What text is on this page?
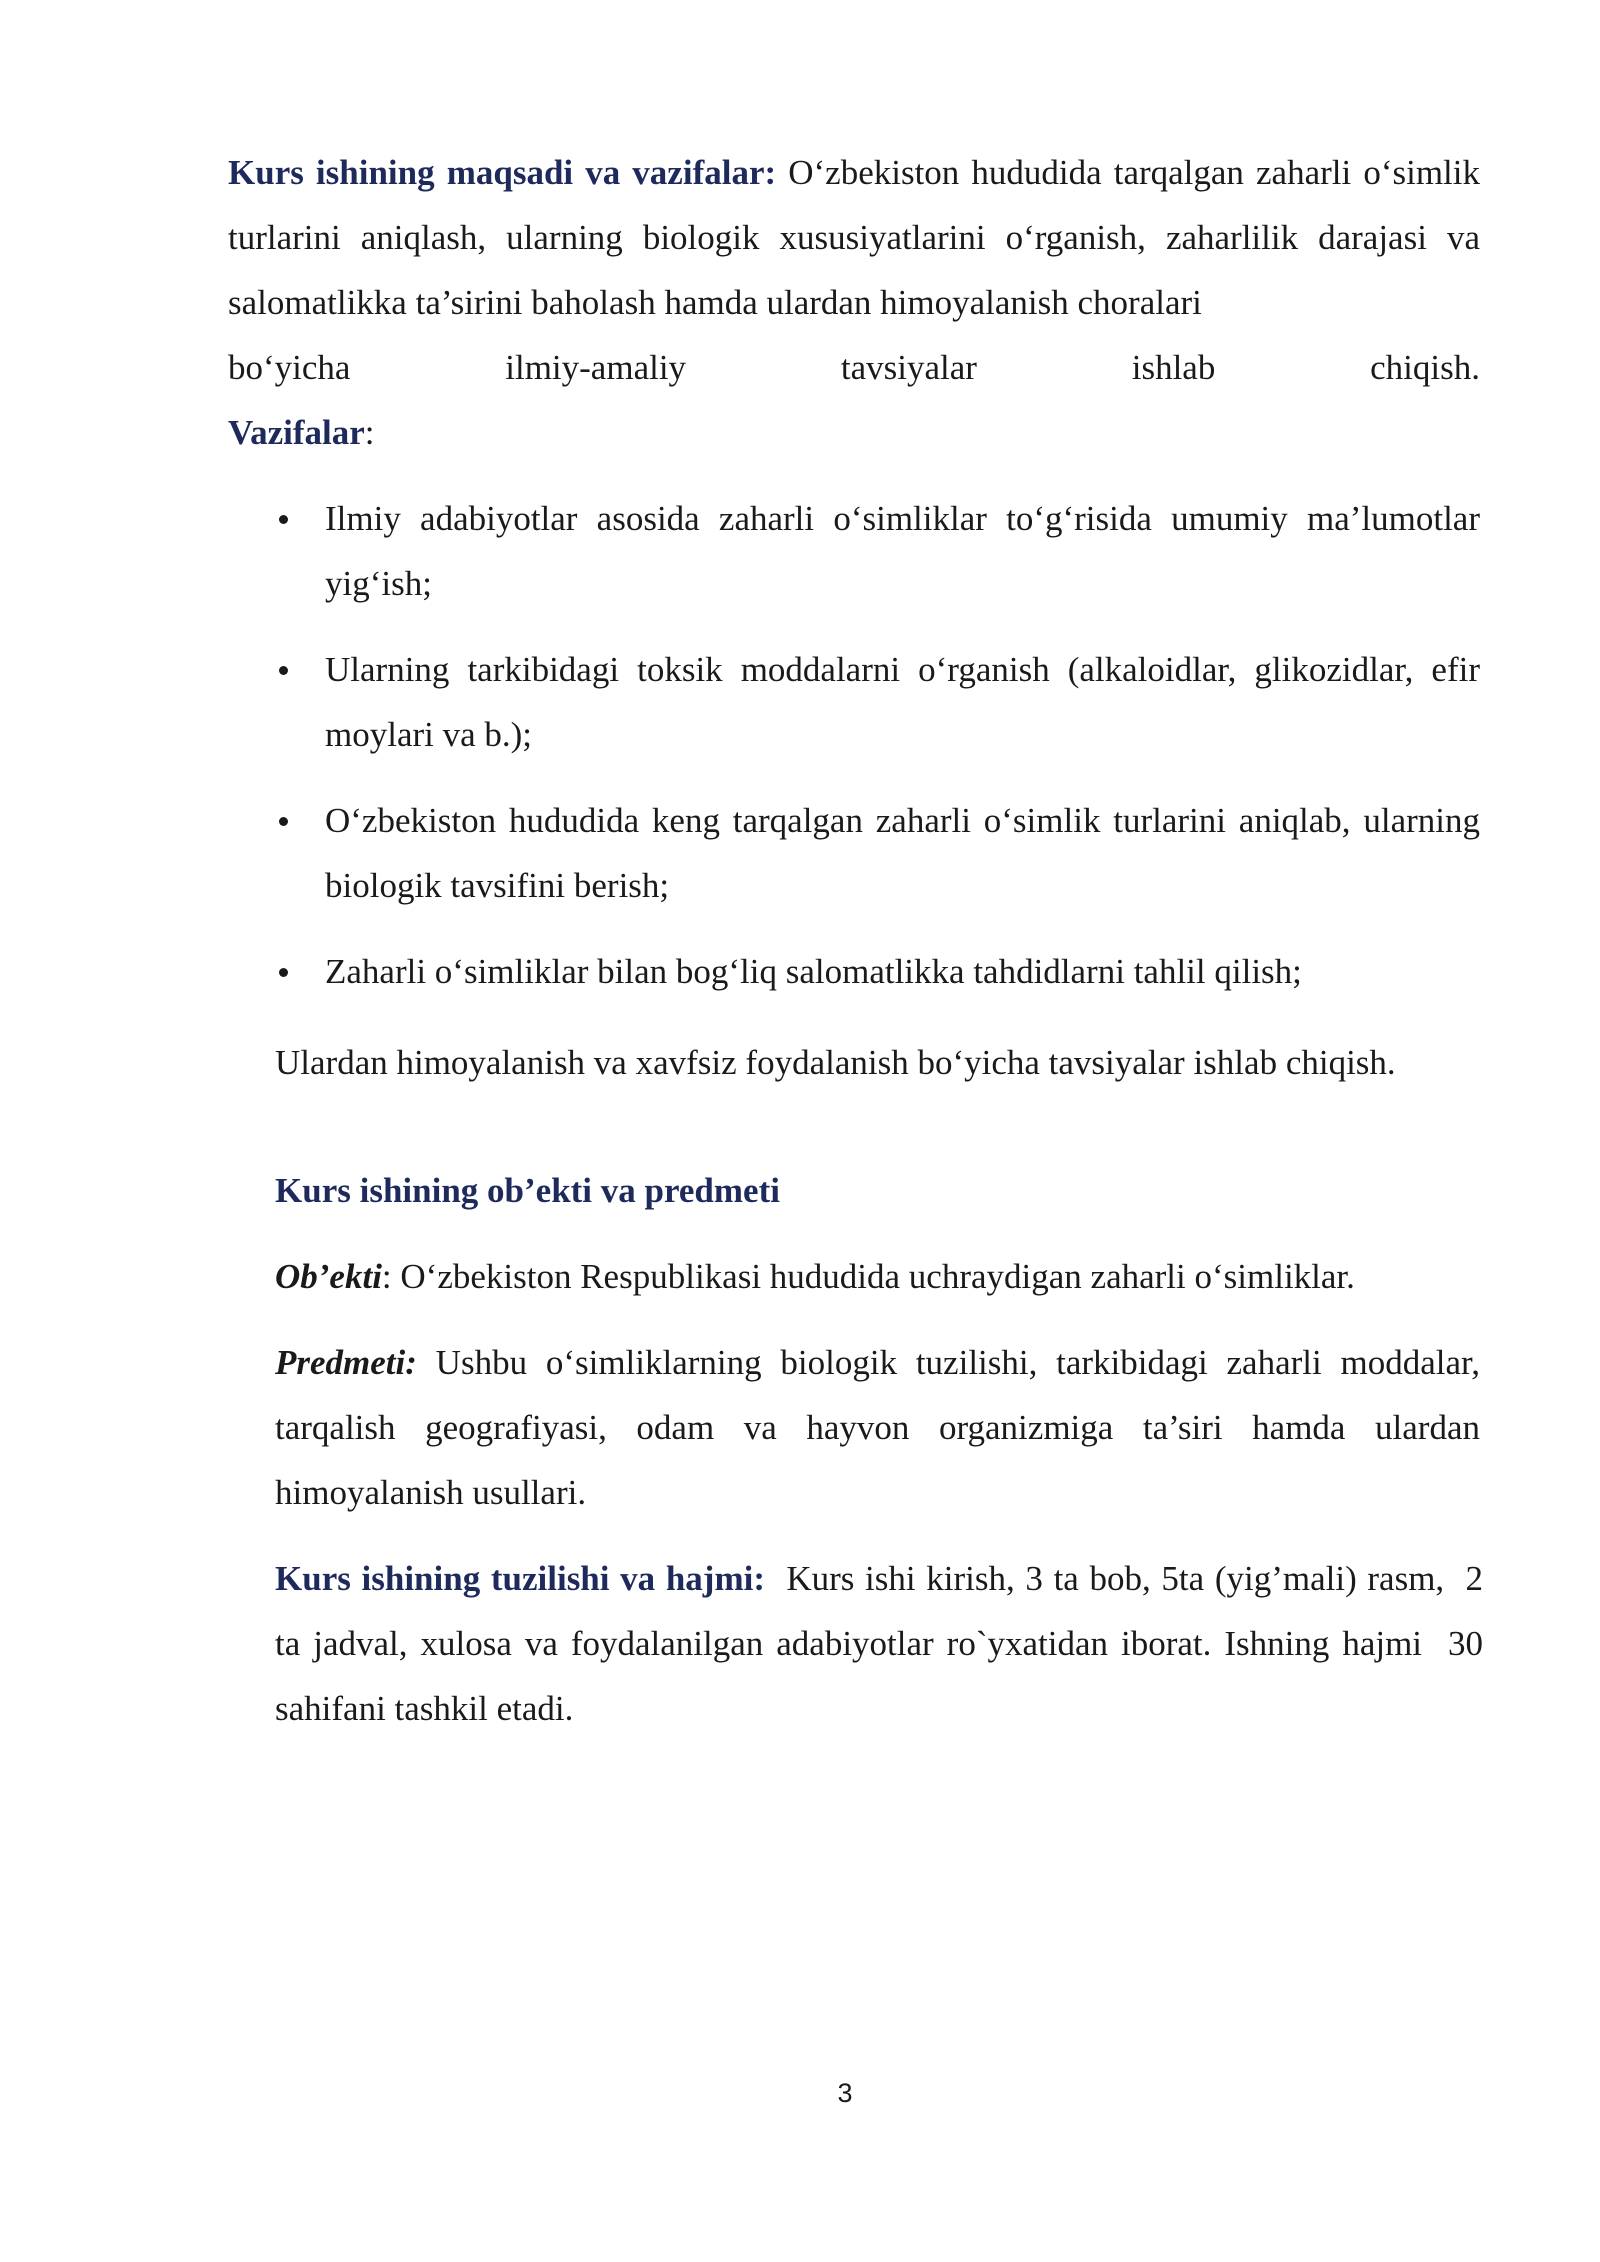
Kurs ishining maqsadi va vazifalar: O‘zbekiston hududida tarqalgan zaharli o‘simlik turlarini aniqlash, ularning biologik xususiyatlarini o‘rganish, zaharlilik darajasi va salomatlikka ta’sirini baholash hamda ulardan himoyalanish choralari
bo‘yicha ilmiy-amaliy tavsiyalar ishlab chiqish.
Vazifalar:
Ilmiy adabiyotlar asosida zaharli o‘simliklar to‘g‘risida umumiy ma’lumotlar yig‘ish;
Ularning tarkibidagi toksik moddalarni o‘rganish (alkaloidlar, glikozidlar, efir moylari va b.);
O‘zbekiston hududida keng tarqalgan zaharli o‘simlik turlarini aniqlab, ularning biologik tavsifini berish;
Zaharli o‘simliklar bilan bog‘liq salomatlikka tahdidlarni tahlil qilish;
Ulardan himoyalanish va xavfsiz foydalanish bo‘yicha tavsiyalar ishlab chiqish.
Kurs ishining ob’ekti va predmeti
Ob’ekti: O‘zbekiston Respublikasi hududida uchraydigan zaharli o‘simliklar.
Predmeti: Ushbu o‘simliklarning biologik tuzilishi, tarkibidagi zaharli moddalar, tarqalish geografiyasi, odam va hayvon organizmiga ta’siri hamda ulardan himoyalanish usullari.
Kurs ishining tuzilishi va hajmi:  Kurs ishi kirish, 3 ta bob, 5ta (yig’mali) rasm,  2 ta jadval, xulosa va foydalanilgan adabiyotlar ro`yxatidan iborat. Ishning hajmi  30 sahifani tashkil etadi.
3
